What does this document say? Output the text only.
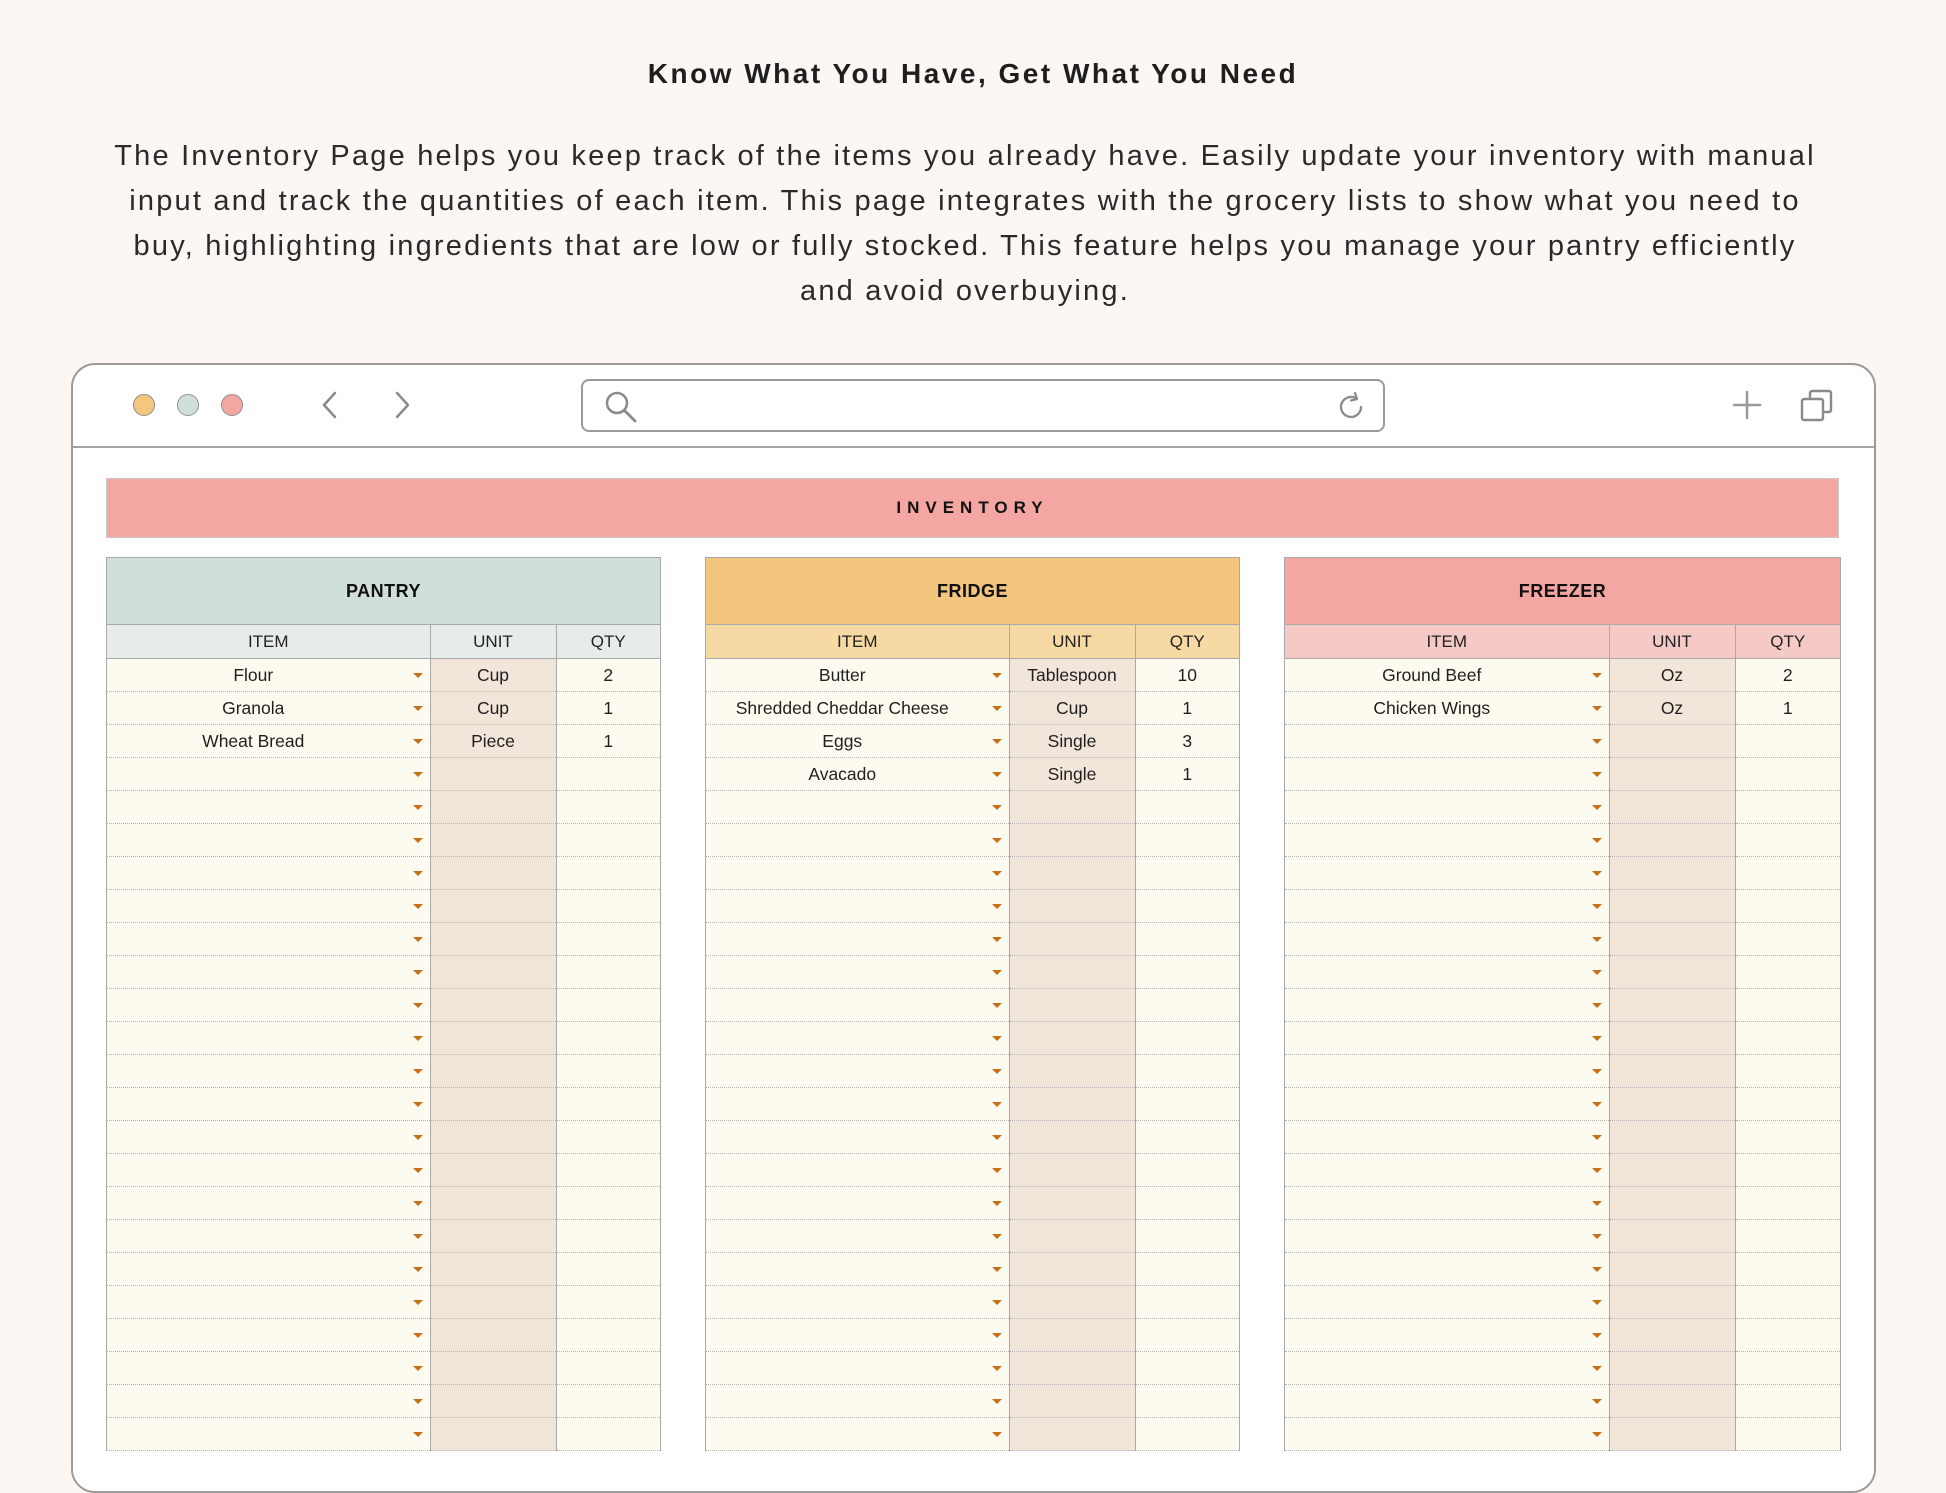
Know What You Have, Get What You Need
The Inventory Page helps you keep track of the items you already have. Easily update your inventory with manual input and track the quantities of each item. This page integrates with the grocery lists to show what you need to buy, highlighting ingredients that are low or fully stocked. This feature helps you manage your pantry efficiently and avoid overbuying.
INVENTORY
PANTRY
ITEM	UNIT	QTY

Flour	Cup	2

Granola	Cup	1

Wheat Bread	Piece	1

FRIDGE
ITEM	UNIT	QTY

Butter	Tablespoon	10

Shredded Cheddar Cheese	Cup	1

Eggs	Single	3

Avacado	Single	1

FREEZER
ITEM	UNIT	QTY

Ground Beef	Oz	2

Chicken Wings	Oz	1
